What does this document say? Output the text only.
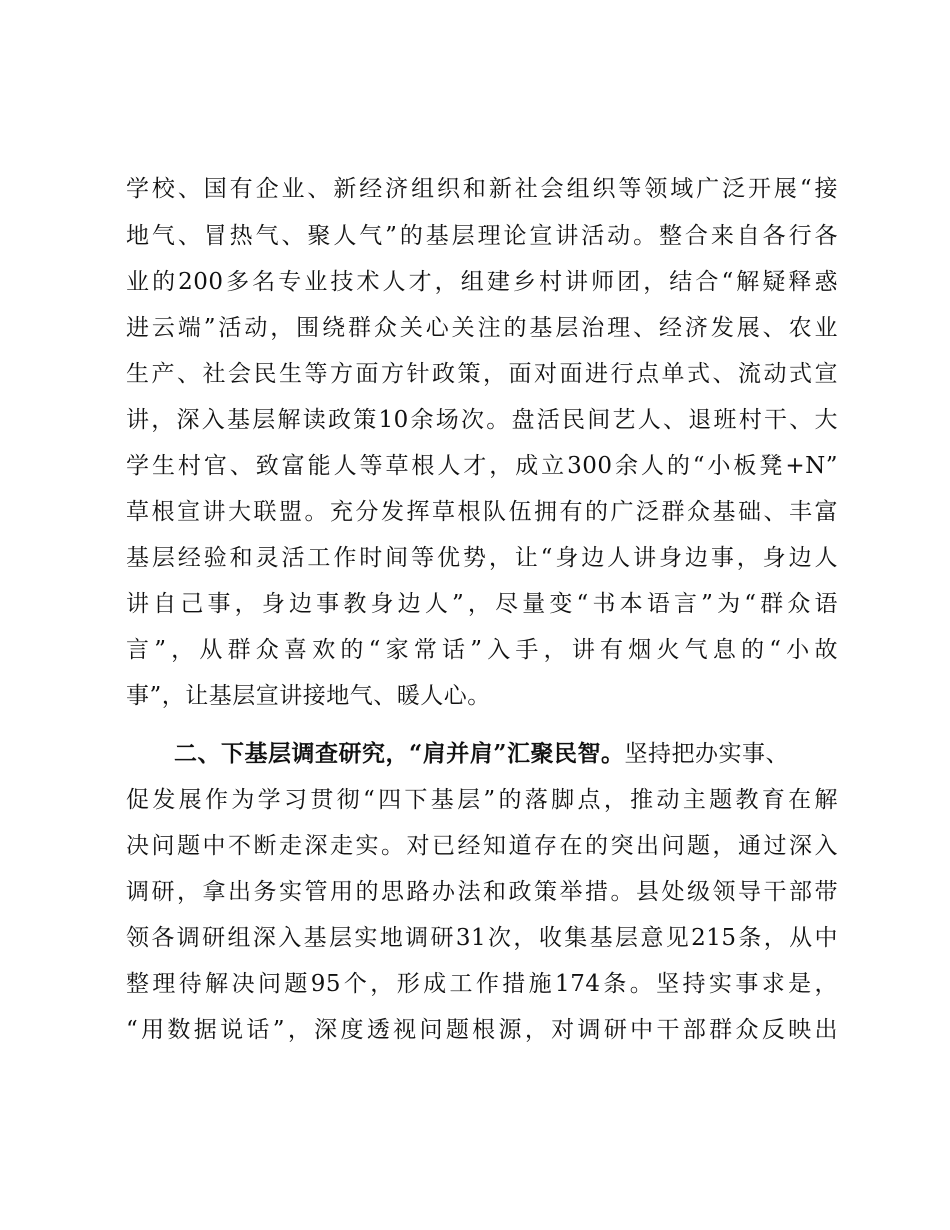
学校、国有企业、新经济组织和新社会组织等领域广泛开展“接
地气、冒热气、聚人气”的基层理论宣讲活动。整合来自各行各
业的200多名专业技术人才，组建乡村讲师团，结合“解疑释惑
进云端”活动，围绕群众关心关注的基层治理、经济发展、农业
生产、社会民生等方面方针政策，面对面进行点单式、流动式宣
讲，深入基层解读政策10余场次。盘活民间艺人、退班村干、大
学生村官、致富能人等草根人才，成立300余人的“小板凳+N”
草根宣讲大联盟。充分发挥草根队伍拥有的广泛群众基础、丰富
基层经验和灵活工作时间等优势，让“身边人讲身边事，身边人
讲自己事，身边事教身边人”，尽量变“书本语言”为“群众语
言”，从群众喜欢的“家常话”入手，讲有烟火气息的“小故
事”，让基层宣讲接地气、暖人心。
二、下基层调查研究，“肩并肩”汇聚民智。坚持把办实事、
促发展作为学习贯彻“四下基层”的落脚点，推动主题教育在解
决问题中不断走深走实。对已经知道存在的突出问题，通过深入
调研，拿出务实管用的思路办法和政策举措。县处级领导干部带
领各调研组深入基层实地调研31次，收集基层意见215条，从中
整理待解决问题95个，形成工作措施174条。坚持实事求是，
“用数据说话”，深度透视问题根源，对调研中干部群众反映出
